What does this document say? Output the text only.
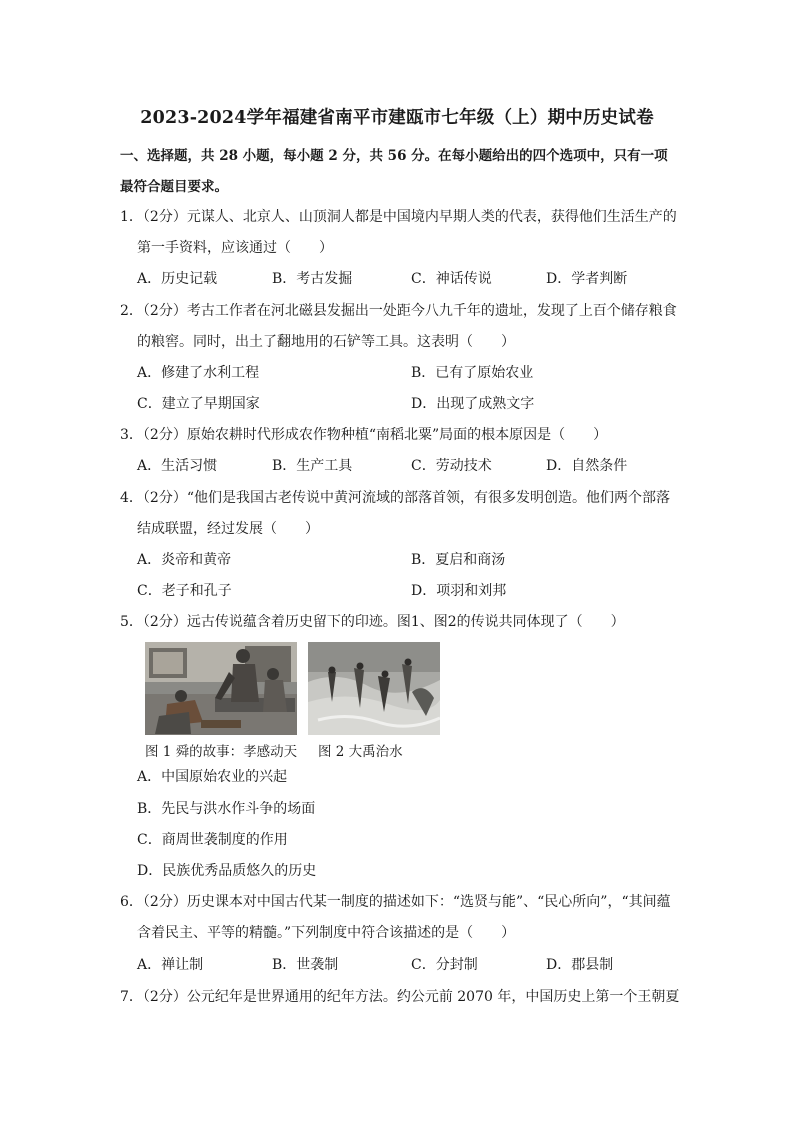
2023-2024学年福建省南平市建瓯市七年级（上）期中历史试卷
一、选择题，共 28 小题，每小题 2 分，共 56 分。在每小题给出的四个选项中，只有一项
最符合题目要求。
1．（2分）元谋人、北京人、山顶洞人都是中国境内早期人类的代表，获得他们生活生产的
第一手资料，应该通过（　　）
A．历史记载	B．考古发掘	C．神话传说	D．学者判断
2．（2分）考古工作者在河北磁县发掘出一处距今八九千年的遗址，发现了上百个储存粮食
的粮窖。同时，出土了翻地用的石铲等工具。这表明（　　）
A．修建了水利工程	B．已有了原始农业
C．建立了早期国家	D．出现了成熟文字
3．（2分）原始农耕时代形成农作物种植“南稻北粟”局面的根本原因是（　　）
A．生活习惯	B．生产工具	C．劳动技术	D．自然条件
4．（2分）“他们是我国古老传说中黄河流域的部落首领，有很多发明创造。他们两个部落
结成联盟，经过发展（　　）
A．炎帝和黄帝	B．夏启和商汤
C．老子和孔子	D．项羽和刘邦
5．（2分）远古传说蕴含着历史留下的印迹。图1、图2的传说共同体现了（　　）
图 1 舜的故事：孝感动天 图 2 大禹治水
A．中国原始农业的兴起
B．先民与洪水作斗争的场面
C．商周世袭制度的作用
D．民族优秀品质悠久的历史
6．（2分）历史课本对中国古代某一制度的描述如下：“选贤与能”、“民心所向”，“其间蕴
含着民主、平等的精髓。”下列制度中符合该描述的是（　　）
A．禅让制	B．世袭制	C．分封制	D．郡县制
7．（2分）公元纪年是世界通用的纪年方法。约公元前 2070 年，中国历史上第一个王朝夏
